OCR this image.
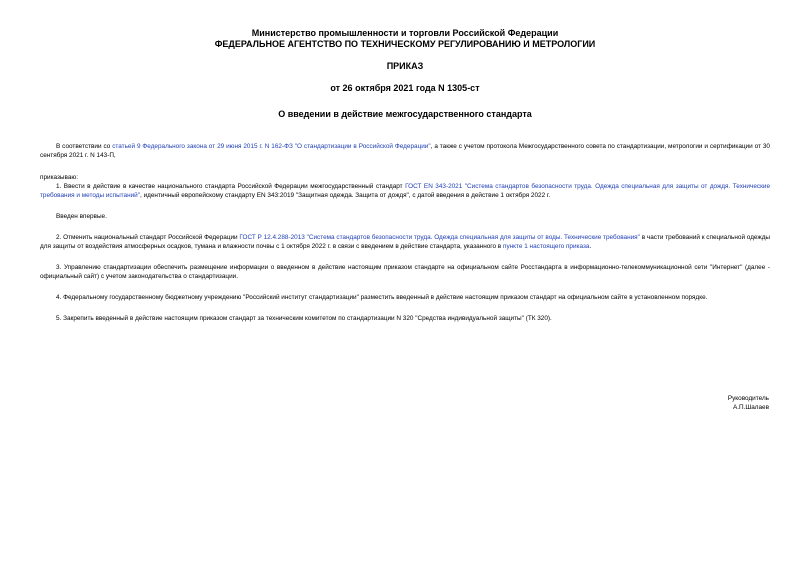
Министерство промышленности и торговли Российской Федерации
ФЕДЕРАЛЬНОЕ АГЕНТСТВО ПО ТЕХНИЧЕСКОМУ РЕГУЛИРОВАНИЮ И МЕТРОЛОГИИ
ПРИКАЗ
от 26 октября 2021 года N 1305-ст
О введении в действие межгосударственного стандарта

В соответствии со статьей 9 Федерального закона от 29 июня 2015 г. N 162-ФЗ "О стандартизации в Российской Федерации", а также с учетом протокола Межгосударственного совета по стандартизации, метрологии и сертификации от 30 сентября 2021 г. N 143-П,

приказываю:

1. Ввести в действие в качестве национального стандарта Российской Федерации межгосударственный стандарт ГОСТ EN 343-2021 "Система стандартов безопасности труда. Одежда специальная для защиты от дождя. Технические требования и методы испытаний", идентичный европейскому стандарту EN 343:2019 "Защитная одежда. Защита от дождя", с датой введения в действие 1 октября 2022 г.

Введен впервые.

2. Отменить национальный стандарт Российской Федерации ГОСТ Р 12.4.288-2013 "Система стандартов безопасности труда. Одежда специальная для защиты от воды. Технические требования" в части требований к специальной одежды для защиты от воздействия атмосферных осадков, тумана и влажности почвы с 1 октября 2022 г. в связи с введением в действие стандарта, указанного в пункте 1 настоящего приказа.

3. Управлению стандартизации обеспечить размещение информации о введенном в действие настоящим приказом стандарте на официальном сайте Росстандарта в информационно-телекоммуникационной сети "Интернет" (далее - официальный сайт) с учетом законодательства о стандартизации.

4. Федеральному государственному бюджетному учреждению "Российский институт стандартизации" разместить введенный в действие настоящим приказом стандарт на официальном сайте в установленном порядке.

5. Закрепить введенный в действие настоящим приказом стандарт за техническим комитетом по стандартизации N 320 "Средства индивидуальной защиты" (ТК 320).

Руководитель
А.П.Шалаев
